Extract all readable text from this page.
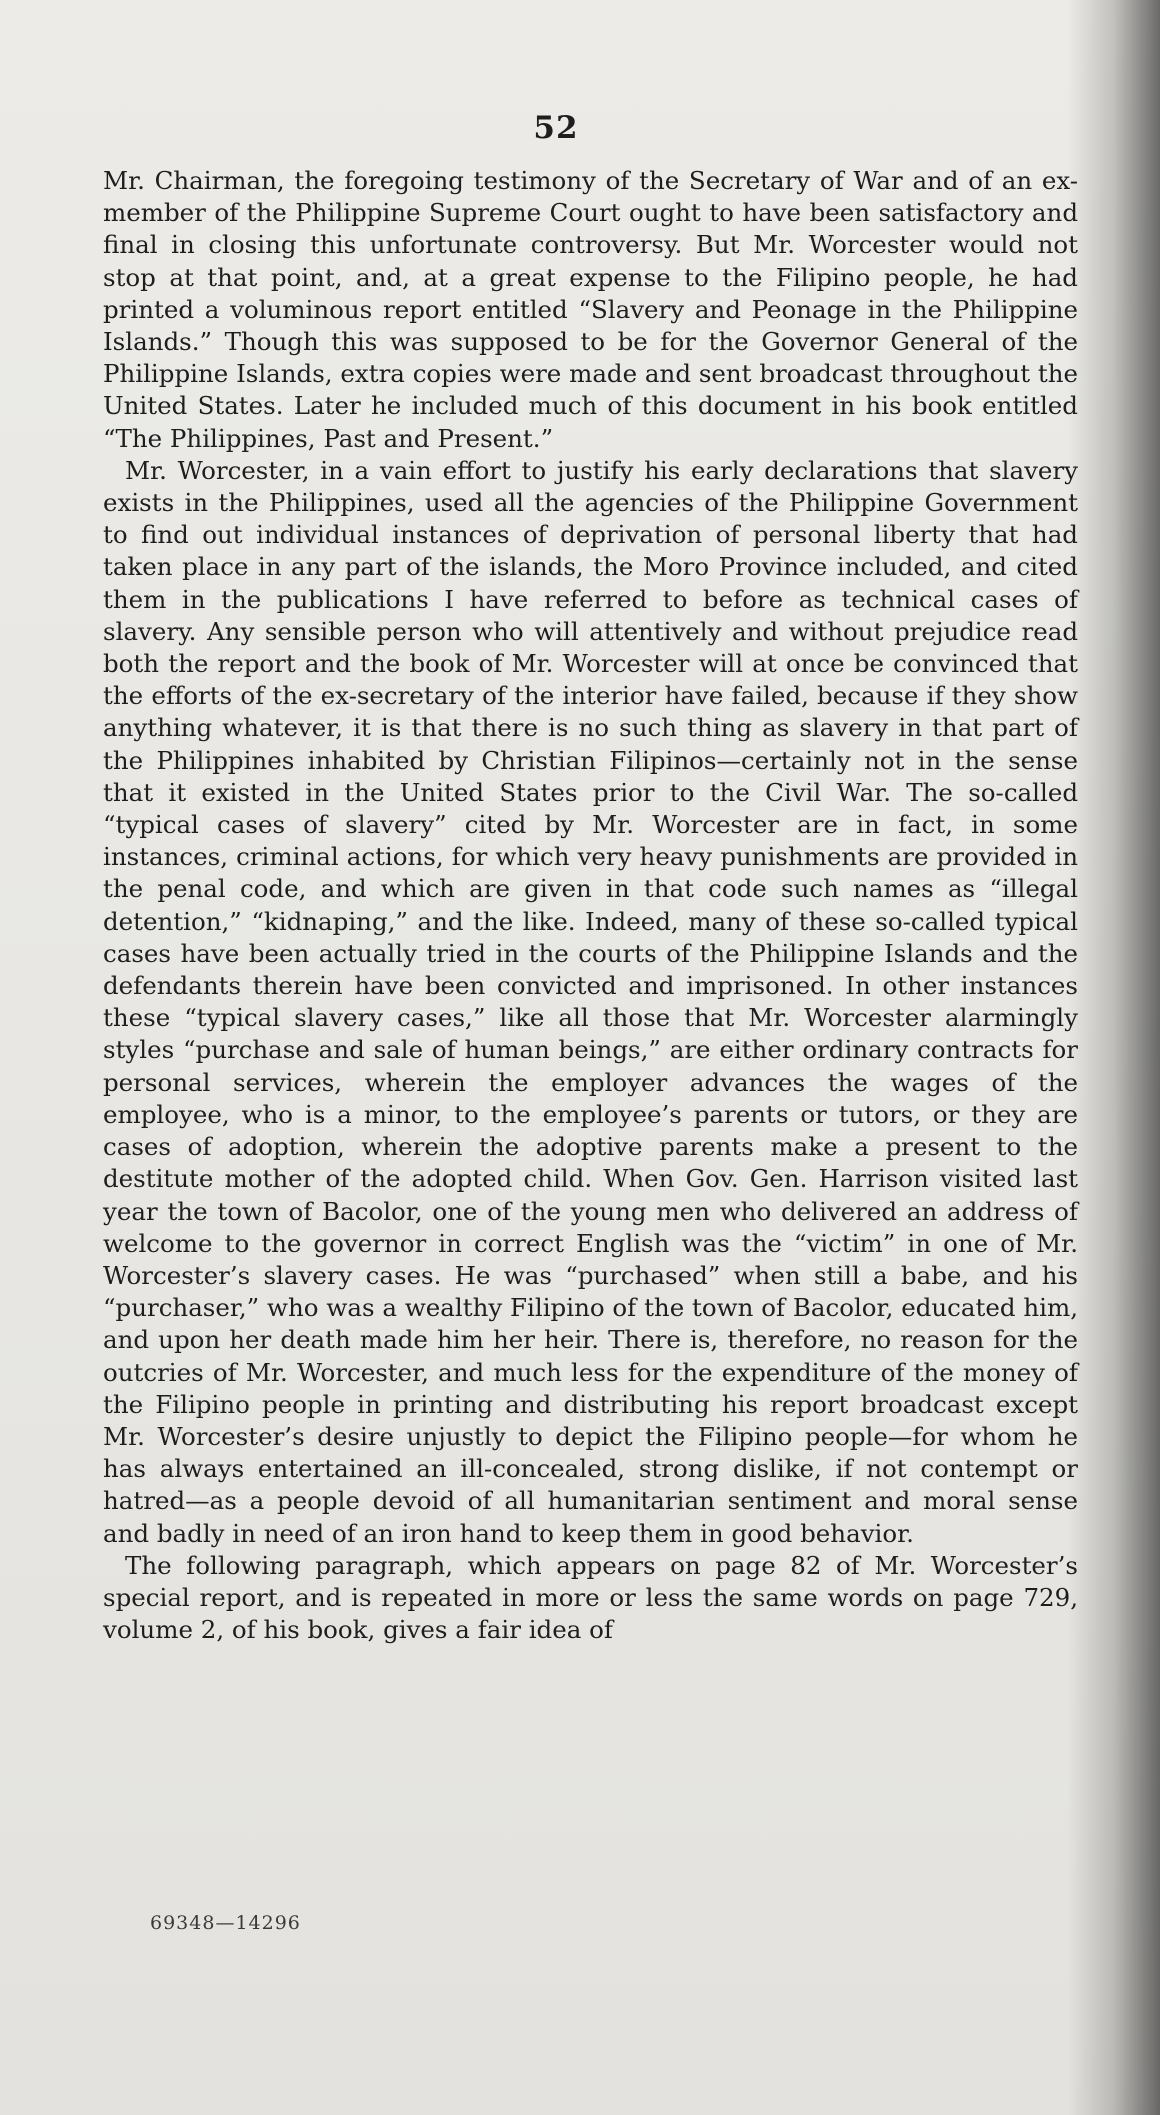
52

Mr. Chairman, the foregoing testimony of the Secretary of War and of an ex-member of the Philippine Supreme Court ought to have been satisfactory and final in closing this unfortunate controversy. But Mr. Worcester would not stop at that point, and, at a great expense to the Filipino people, he had printed a voluminous report entitled “Slavery and Peonage in the Philippine Islands.” Though this was supposed to be for the Governor General of the Philippine Islands, extra copies were made and sent broadcast throughout the United States. Later he included much of this document in his book entitled “The Philippines, Past and Present.”

Mr. Worcester, in a vain effort to justify his early declarations that slavery exists in the Philippines, used all the agencies of the Philippine Government to find out individual instances of deprivation of personal liberty that had taken place in any part of the islands, the Moro Province included, and cited them in the publications I have referred to before as technical cases of slavery. Any sensible person who will attentively and without prejudice read both the report and the book of Mr. Worcester will at once be convinced that the efforts of the ex-secretary of the interior have failed, because if they show anything whatever, it is that there is no such thing as slavery in that part of the Philippines inhabited by Christian Filipinos—certainly not in the sense that it existed in the United States prior to the Civil War. The so-called “typical cases of slavery” cited by Mr. Worcester are in fact, in some instances, criminal actions, for which very heavy punishments are provided in the penal code, and which are given in that code such names as “illegal detention,” “kidnaping,” and the like. Indeed, many of these so-called typical cases have been actually tried in the courts of the Philippine Islands and the defendants therein have been convicted and imprisoned. In other instances these “typical slavery cases,” like all those that Mr. Worcester alarmingly styles “purchase and sale of human beings,” are either ordinary contracts for personal services, wherein the employer advances the wages of the employee, who is a minor, to the employee’s parents or tutors, or they are cases of adoption, wherein the adoptive parents make a present to the destitute mother of the adopted child. When Gov. Gen. Harrison visited last year the town of Bacolor, one of the young men who delivered an address of welcome to the governor in correct English was the “victim” in one of Mr. Worcester’s slavery cases. He was “purchased” when still a babe, and his “purchaser,” who was a wealthy Filipino of the town of Bacolor, educated him, and upon her death made him her heir. There is, therefore, no reason for the outcries of Mr. Worcester, and much less for the expenditure of the money of the Filipino people in printing and distributing his report broadcast except Mr. Worcester’s desire unjustly to depict the Filipino people—for whom he has always entertained an ill-concealed, strong dislike, if not contempt or hatred—as a people devoid of all humanitarian sentiment and moral sense and badly in need of an iron hand to keep them in good behavior.

The following paragraph, which appears on page 82 of Mr. Worcester’s special report, and is repeated in more or less the same words on page 729, volume 2, of his book, gives a fair idea of

69348—14296
